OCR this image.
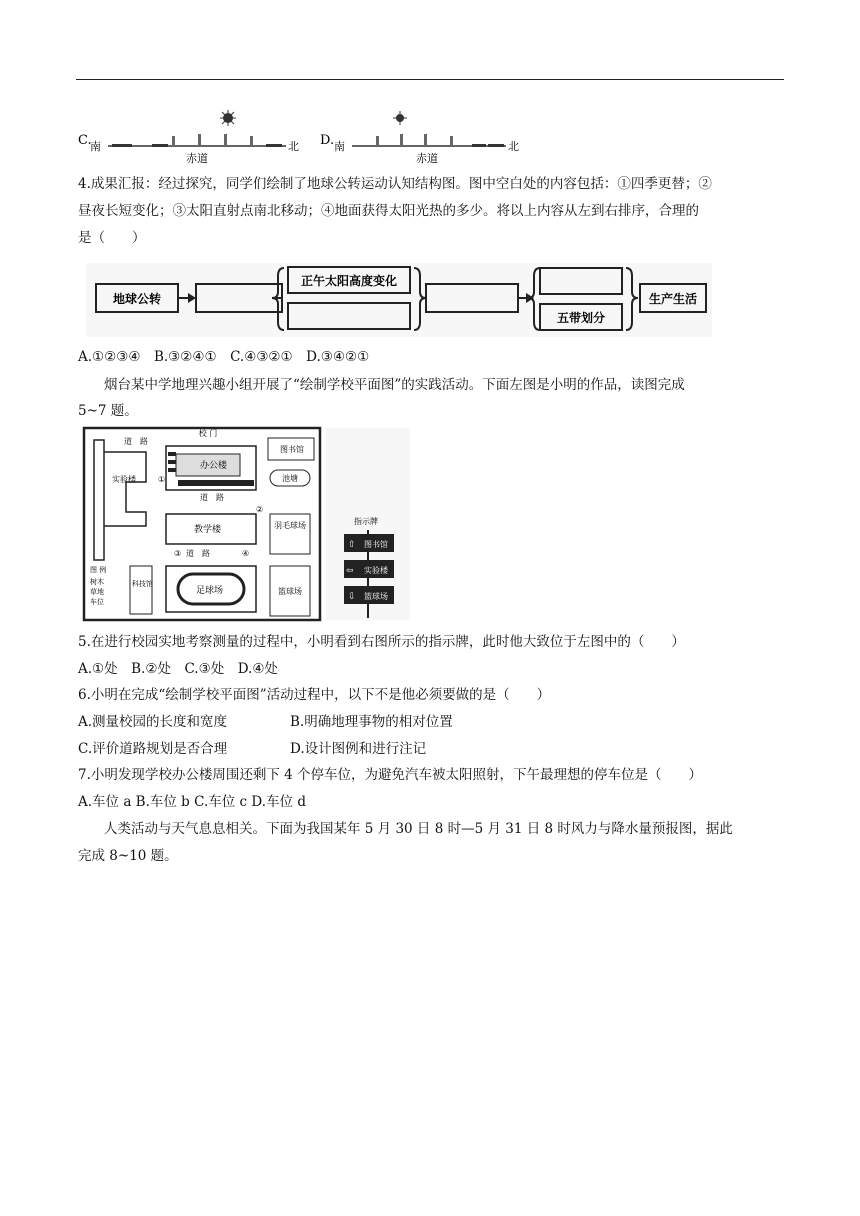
C.
南
赤道
北 D. 南
赤道
北
4.成果汇报：经过探究，同学们绘制了地球公转运动认知结构图。图中空白处的内容包括：①四季更替；②
昼夜长短变化；③太阳直射点南北移动；④地面获得太阳光热的多少。将以上内容从左到右排序，合理的
是（　　）
地球公转
正午太阳高度变化
五带划分
生产生活
A.①②③④　B.③②④①　C.④③②①　D.③④②①
烟台某中学地理兴趣小组开展了“绘制学校平面图”的实践活动。下面左图是小明的作品，读图完成
5~7 题。
校 门
道　路
实验楼
办公楼
①
图书馆
池塘
道　路
教学楼
②
羽毛球场
③ 道　路	④
足球场	篮球场
科技馆
图 例
树木
草地
车位
指示牌
图书馆
⇧
实验楼
⇦
篮球场
⇩
5.在进行校园实地考察测量的过程中，小明看到右图所示的指示牌，此时他大致位于左图中的（　　）
A.①处　B.②处　C.③处　D.④处
6.小明在完成“绘制学校平面图”活动过程中，以下不是他必须要做的是（　　）
A.测量校园的长度和宽度	B.明确地理事物的相对位置
C.评价道路规划是否合理	D.设计图例和进行注记
7.小明发现学校办公楼周围还剩下 4 个停车位，为避免汽车被太阳照射，下午最理想的停车位是（　　）
A.车位 a B.车位 b C.车位 c D.车位 d
人类活动与天气息息相关。下面为我国某年 5 月 30 日 8 时—5 月 31 日 8 时风力与降水量预报图，据此
完成 8~10 题。
